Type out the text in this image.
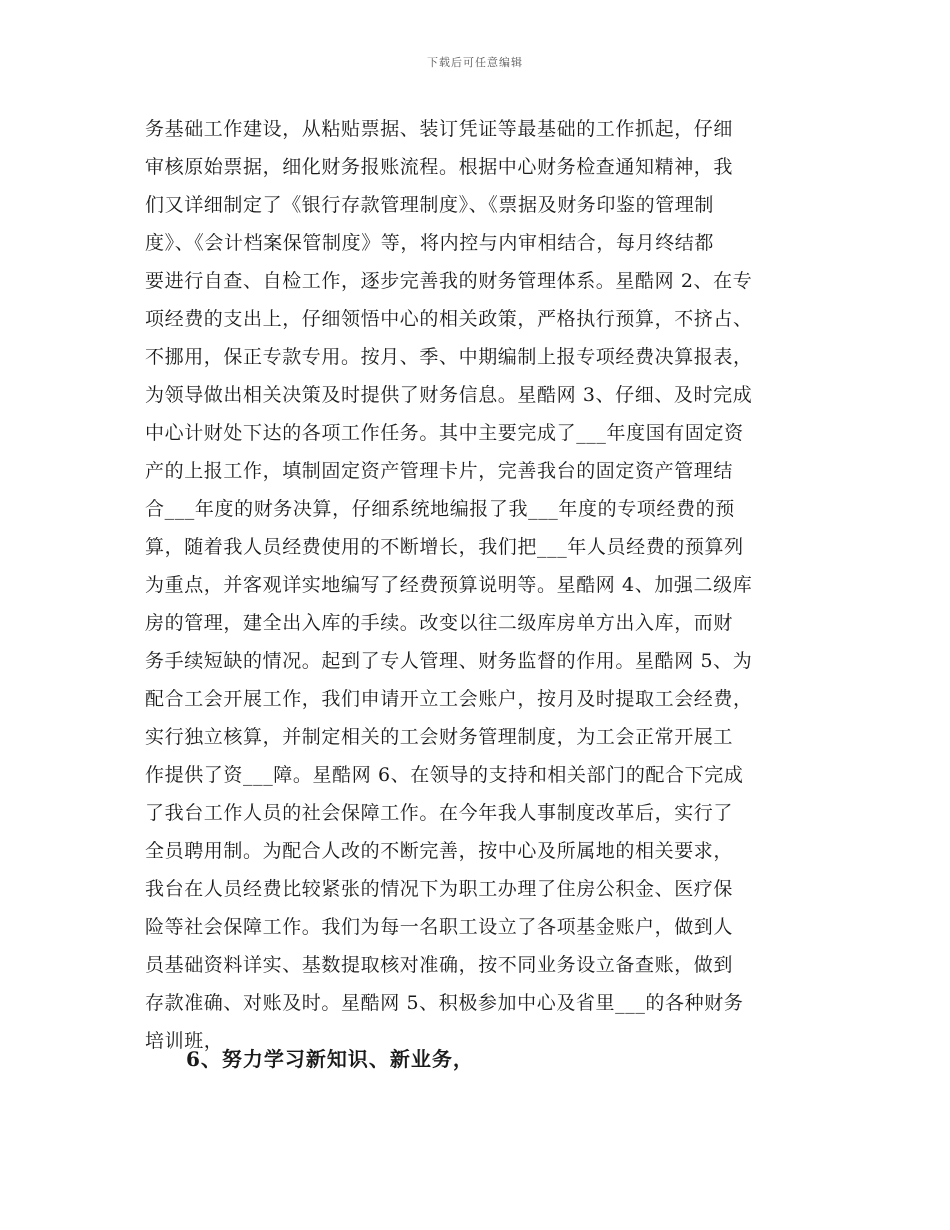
下载后可任意编辑
务基础工作建设，从粘贴票据、装订凭证等最基础的工作抓起，仔细
审核原始票据，细化财务报账流程。根据中心财务检查通知精神，我
们又详细制定了《银行存款管理制度》、《票据及财务印鉴的管理制
度》、《会计档案保管制度》等，将内控与内审相结合，每月终结都
要进行自查、自检工作，逐步完善我的财务管理体系。星酷网 2、在专
项经费的支出上，仔细领悟中心的相关政策，严格执行预算，不挤占、
不挪用，保正专款专用。按月、季、中期编制上报专项经费决算报表，
为领导做出相关决策及时提供了财务信息。星酷网 3、仔细、及时完成
中心计财处下达的各项工作任务。其中主要完成了___年度国有固定资
产的上报工作，填制固定资产管理卡片，完善我台的固定资产管理结
合___年度的财务决算，仔细系统地编报了我___年度的专项经费的预
算，随着我人员经费使用的不断增长，我们把___年人员经费的预算列
为重点，并客观详实地编写了经费预算说明等。星酷网 4、加强二级库
房的管理，建全出入库的手续。改变以往二级库房单方出入库，而财
务手续短缺的情况。起到了专人管理、财务监督的作用。星酷网 5、为
配合工会开展工作，我们申请开立工会账户，按月及时提取工会经费，
实行独立核算，并制定相关的工会财务管理制度，为工会正常开展工
作提供了资___障。星酷网 6、在领导的支持和相关部门的配合下完成
了我台工作人员的社会保障工作。在今年我人事制度改革后，实行了
全员聘用制。为配合人改的不断完善，按中心及所属地的相关要求，
我台在人员经费比较紧张的情况下为职工办理了住房公积金、医疗保
险等社会保障工作。我们为每一名职工设立了各项基金账户，做到人
员基础资料详实、基数提取核对准确，按不同业务设立备查账，做到
存款准确、对账及时。星酷网 5、积极参加中心及省里___的各种财务
培训班，
6、努力学习新知识、新业务，
